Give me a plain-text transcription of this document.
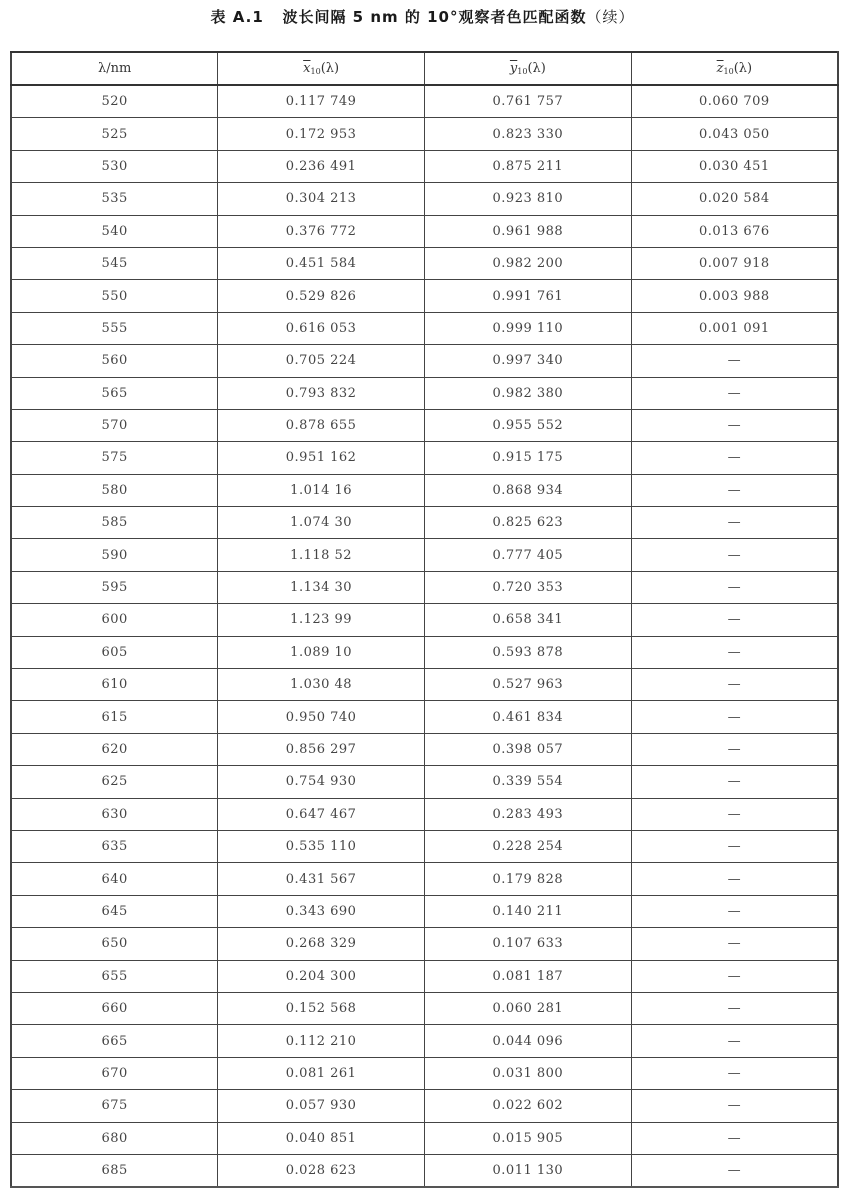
表 A.1 波长间隔 5 nm 的 10°观察者色匹配函数（续）
λ/nm	$\overline{x}_{10}(\lambda)$	$\overline{y}_{10}(\lambda)$	$\overline{z}_{10}(\lambda)$
520	0.117 749	0.761 757	0.060 709
525	0.172 953	0.823 330	0.043 050
530	0.236 491	0.875 211	0.030 451
535	0.304 213	0.923 810	0.020 584
540	0.376 772	0.961 988	0.013 676
545	0.451 584	0.982 200	0.007 918
550	0.529 826	0.991 761	0.003 988
555	0.616 053	0.999 110	0.001 091
560	0.705 224	0.997 340	—
565	0.793 832	0.982 380	—
570	0.878 655	0.955 552	—
575	0.951 162	0.915 175	—
580	1.014 16	0.868 934	—
585	1.074 30	0.825 623	—
590	1.118 52	0.777 405	—
595	1.134 30	0.720 353	—
600	1.123 99	0.658 341	—
605	1.089 10	0.593 878	—
610	1.030 48	0.527 963	—
615	0.950 740	0.461 834	—
620	0.856 297	0.398 057	—
625	0.754 930	0.339 554	—
630	0.647 467	0.283 493	—
635	0.535 110	0.228 254	—
640	0.431 567	0.179 828	—
645	0.343 690	0.140 211	—
650	0.268 329	0.107 633	—
655	0.204 300	0.081 187	—
660	0.152 568	0.060 281	—
665	0.112 210	0.044 096	—
670	0.081 261	0.031 800	—
675	0.057 930	0.022 602	—
680	0.040 851	0.015 905	—
685	0.028 623	0.011 130	—
